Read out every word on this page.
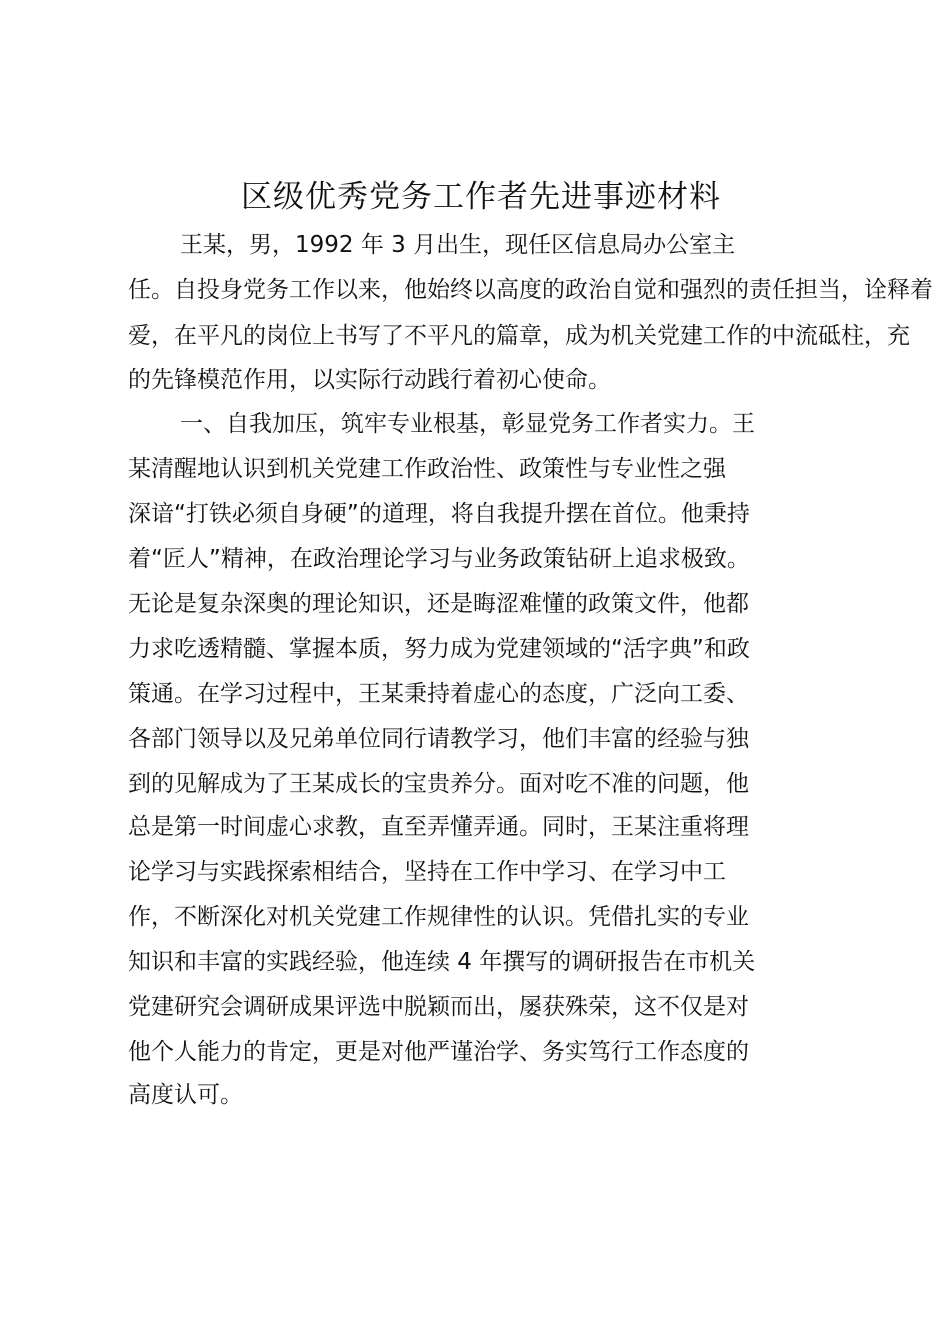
区级优秀党务工作者先进事迹材料

王某，男，1992 年 3 月出生，现任区信息局办公室主

任。自投身党务工作以来，他始终以高度的政治自觉和强烈的责任担当，诠释着

爱，在平凡的岗位上书写了不平凡的篇章，成为机关党建工作的中流砥柱，充

的先锋模范作用，以实际行动践行着初心使命。

一、自我加压，筑牢专业根基，彰显党务工作者实力。王

某清醒地认识到机关党建工作政治性、政策性与专业性之强

深谙“打铁必须自身硬”的道理，将自我提升摆在首位。他秉持

着“匠人”精神，在政治理论学习与业务政策钻研上追求极致。

无论是复杂深奥的理论知识，还是晦涩难懂的政策文件，他都

力求吃透精髓、掌握本质，努力成为党建领域的“活字典”和政

策通。在学习过程中，王某秉持着虚心的态度，广泛向工委、

各部门领导以及兄弟单位同行请教学习，他们丰富的经验与独

到的见解成为了王某成长的宝贵养分。面对吃不准的问题，他

总是第一时间虚心求教，直至弄懂弄通。同时，王某注重将理

论学习与实践探索相结合，坚持在工作中学习、在学习中工

作，不断深化对机关党建工作规律性的认识。凭借扎实的专业

知识和丰富的实践经验，他连续 4 年撰写的调研报告在市机关

党建研究会调研成果评选中脱颖而出，屡获殊荣，这不仅是对

他个人能力的肯定，更是对他严谨治学、务实笃行工作态度的

高度认可。
